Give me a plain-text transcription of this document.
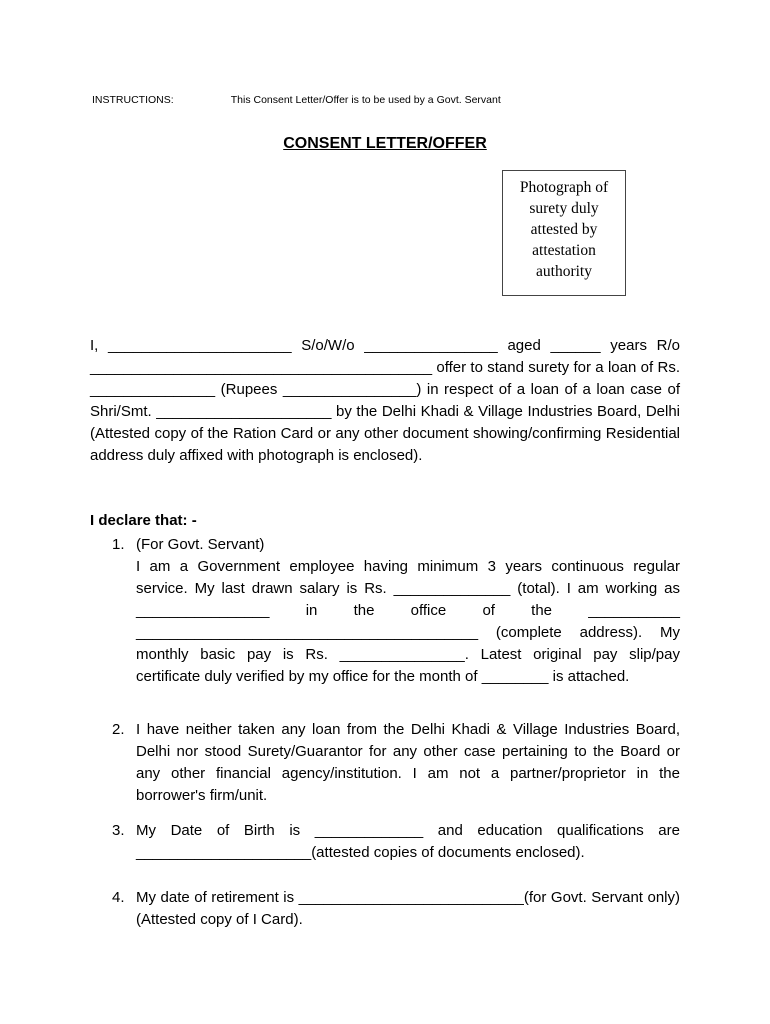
INSTRUCTIONS:	This Consent Letter/Offer is to be used by a Govt. Servant
CONSENT LETTER/OFFER
Photograph of
surety duly
attested by
attestation
authority

I, ______________________ S/o/W/o ________________ aged ______ years R/o _________________________________________ offer to stand surety for a loan of Rs. _______________ (Rupees ________________) in respect of a loan of a loan case of Shri/Smt. _____________________ by the Delhi Khadi & Village Industries Board, Delhi (Attested copy of the Ration Card or any other document showing/confirming Residential address duly affixed with photograph is enclosed).

I declare that: -
1. (For Govt. Servant)

I am a Government employee having minimum 3 years continuous regular service. My last drawn salary is Rs. ______________ (total). I am working as ________________ in the office of the ___________ _________________________________________ (complete address). My monthly basic pay is Rs. _______________. Latest original pay slip/pay certificate duly verified by my office for the month of ________ is attached.

2. I have neither taken any loan from the Delhi Khadi & Village Industries Board, Delhi nor stood Surety/Guarantor for any other case pertaining to the Board or any other financial agency/institution. I am not a partner/proprietor in the borrower's firm/unit.

3. My Date of Birth is _____________ and education qualifications are _____________________(attested copies of documents enclosed).

4. My date of retirement is ___________________________(for Govt. Servant only)(Attested copy of I Card).
